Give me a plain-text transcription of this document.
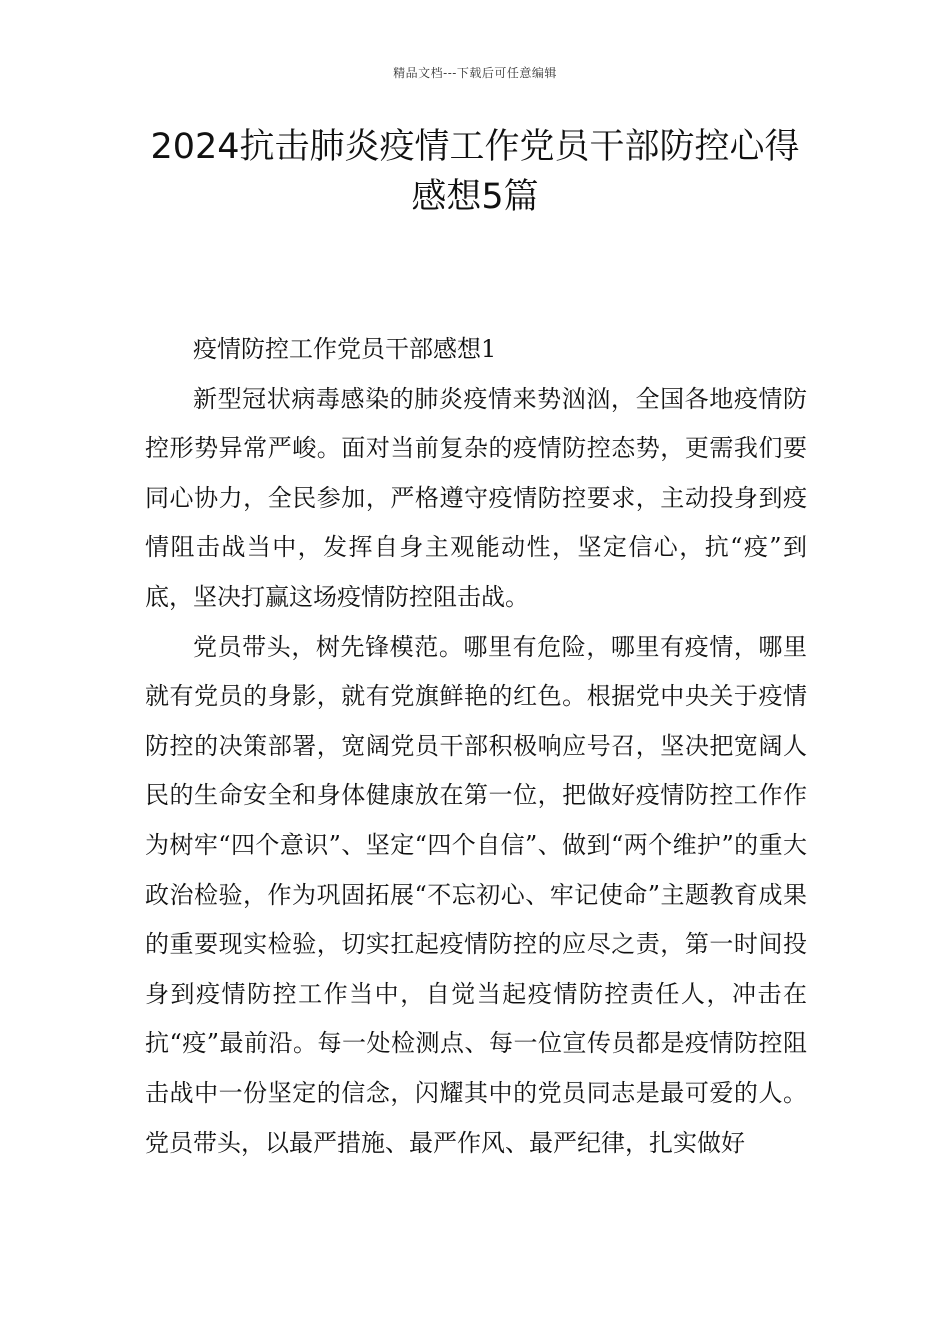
精品文档---下载后可任意编辑
2024抗击肺炎疫情工作党员干部防控心得感想5篇

疫情防控工作党员干部感想1

新型冠状病毒感染的肺炎疫情来势汹汹，全国各地疫情防控形势异常严峻。面对当前复杂的疫情防控态势，更需我们要同心协力，全民参加，严格遵守疫情防控要求，主动投身到疫情阻击战当中，发挥自身主观能动性，坚定信心，抗“疫”到底，坚决打赢这场疫情防控阻击战。

党员带头，树先锋模范。哪里有危险，哪里有疫情，哪里就有党员的身影，就有党旗鲜艳的红色。根据党中央关于疫情防控的决策部署，宽阔党员干部积极响应号召，坚决把宽阔人民的生命安全和身体健康放在第一位，把做好疫情防控工作作为树牢“四个意识”、坚定“四个自信”、做到“两个维护”的重大政治检验，作为巩固拓展“不忘初心、牢记使命”主题教育成果的重要现实检验，切实扛起疫情防控的应尽之责，第一时间投身到疫情防控工作当中，自觉当起疫情防控责任人，冲击在抗“疫”最前沿。每一处检测点、每一位宣传员都是疫情防控阻击战中一份坚定的信念，闪耀其中的党员同志是最可爱的人。党员带头，以最严措施、最严作风、最严纪律，扎实做好
